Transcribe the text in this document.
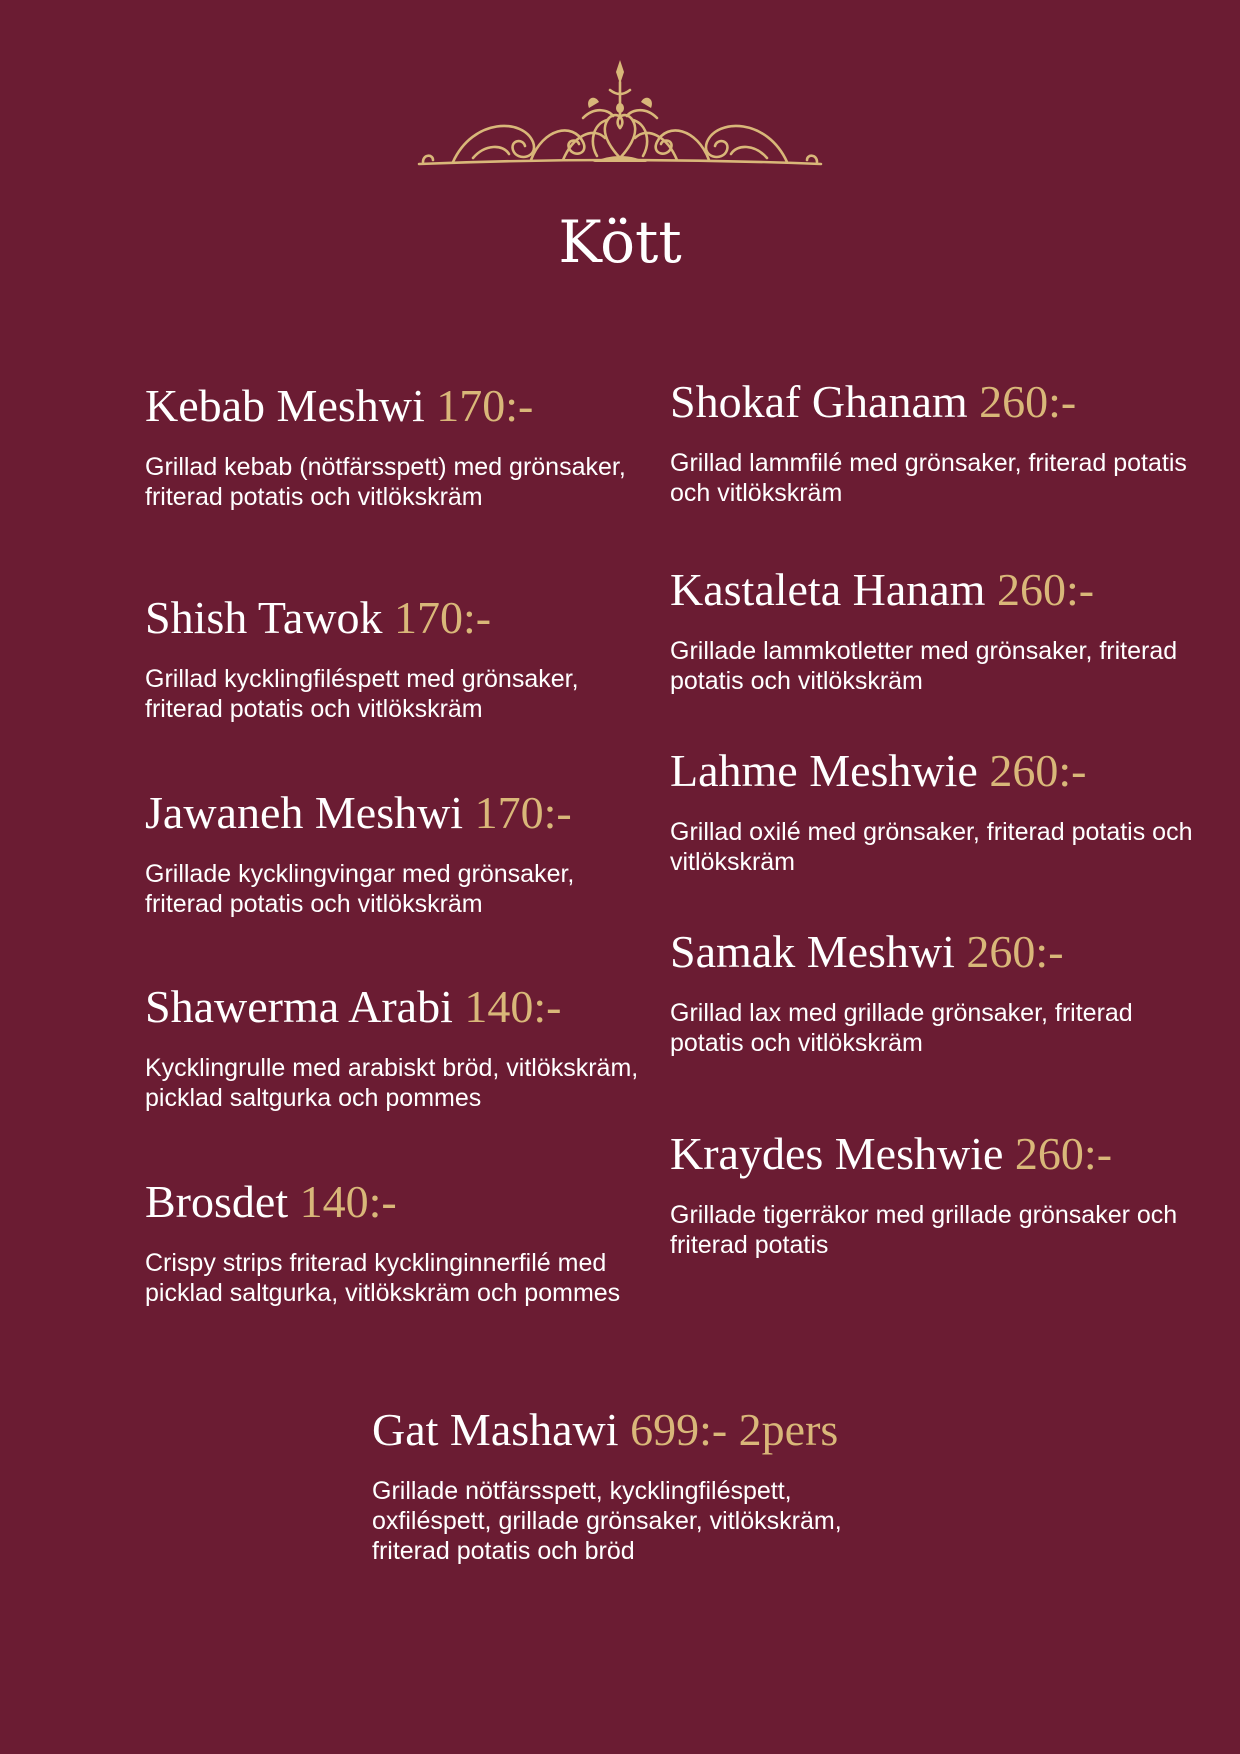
Kött
Kebab Meshwi 170:-

Grillad kebab (nötfärsspett) med grönsaker, friterad potatis och vitlökskräm

Shish Tawok 170:-

Grillad kycklingfiléspett med grönsaker, friterad potatis och vitlökskräm

Jawaneh Meshwi 170:-

Grillade kycklingvingar med grönsaker, friterad potatis och vitlökskräm

Shawerma Arabi 140:-

Kycklingrulle med arabiskt bröd, vitlökskräm, picklad saltgurka och pommes

Brosdet 140:-

Crispy strips friterad kycklinginnerfilé med picklad saltgurka, vitlökskräm och pommes

Shokaf Ghanam 260:-

Grillad lammfilé med grönsaker, friterad potatis och vitlökskräm

Kastaleta Hanam 260:-

Grillade lammkotletter med grönsaker, friterad potatis och vitlökskräm

Lahme Meshwie 260:-

Grillad oxilé med grönsaker, friterad potatis och vitlökskräm

Samak Meshwi 260:-

Grillad lax med grillade grönsaker, friterad potatis och vitlökskräm

Kraydes Meshwie 260:-

Grillade tigerräkor med grillade grönsaker och friterad potatis

Gat Mashawi 699:- 2pers

Grillade nötfärsspett, kycklingfiléspett, oxfiléspett, grillade grönsaker, vitlökskräm, friterad potatis och bröd
